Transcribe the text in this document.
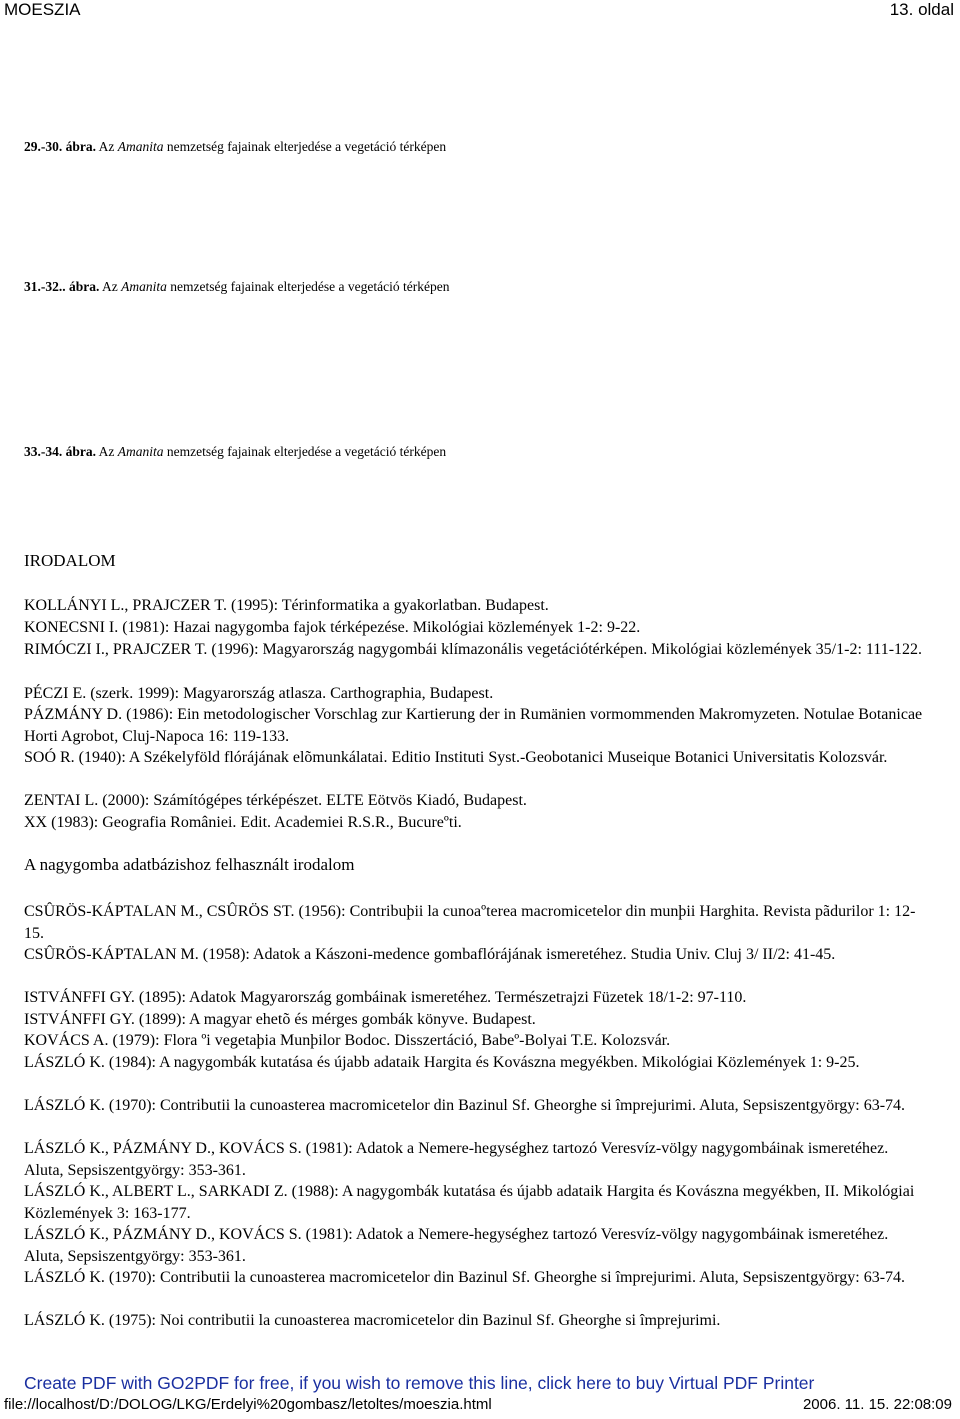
MOESZIA	13. oldal
29.-30. ábra. Az Amanita nemzetség fajainak elterjedése a vegetáció térképen
31.-32.. ábra. Az Amanita nemzetség fajainak elterjedése a vegetáció térképen
33.-34. ábra. Az Amanita nemzetség fajainak elterjedése a vegetáció térképen
IRODALOM
KOLLÁNYI L., PRAJCZER T. (1995): Térinformatika a gyakorlatban. Budapest.
KONECSNI I. (1981): Hazai nagygomba fajok térképezése. Mikológiai közlemények 1-2: 9-22.
RIMÓCZI I., PRAJCZER T. (1996): Magyarország nagygombái klímazonális vegetációtérképen. Mikológiai közlemények 35/1-2: 111-122.
PÉCZI E. (szerk. 1999): Magyarország atlasza. Carthographia, Budapest.
PÁZMÁNY D. (1986): Ein metodologischer Vorschlag zur Kartierung der in Rumänien vormommenden Makromyzeten. Notulae Botanicae Horti Agrobot, Cluj-Napoca 16: 119-133.
SOÓ R. (1940): A Székelyföld flórájának elõmunkálatai. Editio Instituti Syst.-Geobotanici Museique Botanici Universitatis Kolozsvár.
ZENTAI L. (2000): Számítógépes térképészet. ELTE Eötvös Kiadó, Budapest.
XX (1983): Geografia României. Edit. Academiei R.S.R., Bucureºti.
A nagygomba adatbázishoz felhasznált irodalom
CSÛRÖS-KÁPTALAN M., CSÛRÖS ST. (1956): Contribuþii la cunoaºterea macromicetelor din munþii Harghita. Revista pãdurilor 1: 12-15.
CSÛRÖS-KÁPTALAN M. (1958): Adatok a Kászoni-medence gombaflórájának ismeretéhez. Studia Univ. Cluj 3/ II/2: 41-45.
ISTVÁNFFI GY. (1895): Adatok Magyarország gombáinak ismeretéhez. Természetrajzi Füzetek 18/1-2: 97-110.
ISTVÁNFFI GY. (1899): A magyar ehetõ és mérges gombák könyve. Budapest.
KOVÁCS A. (1979): Flora ºi vegetaþia Munþilor Bodoc. Disszertáció, Babeº-Bolyai T.E. Kolozsvár.
LÁSZLÓ K. (1984): A nagygombák kutatása és újabb adataik Hargita és Kovászna megyékben. Mikológiai Közlemények 1: 9-25.
LÁSZLÓ K. (1970): Contributii la cunoasterea macromicetelor din Bazinul Sf. Gheorghe si împrejurimi. Aluta, Sepsiszentgyörgy: 63-74.
LÁSZLÓ K., PÁZMÁNY D., KOVÁCS S. (1981): Adatok a Nemere-hegységhez tartozó Veresvíz-völgy nagygombáinak ismeretéhez. Aluta, Sepsiszentgyörgy: 353-361.
LÁSZLÓ K., ALBERT L., SARKADI Z. (1988): A nagygombák kutatása és újabb adataik Hargita és Kovászna megyékben, II. Mikológiai Közlemények 3: 163-177.
LÁSZLÓ K., PÁZMÁNY D., KOVÁCS S. (1981): Adatok a Nemere-hegységhez tartozó Veresvíz-völgy nagygombáinak ismeretéhez. Aluta, Sepsiszentgyörgy: 353-361.
LÁSZLÓ K. (1970): Contributii la cunoasterea macromicetelor din Bazinul Sf. Gheorghe si împrejurimi. Aluta, Sepsiszentgyörgy: 63-74.
LÁSZLÓ K. (1975): Noi contributii la cunoasterea macromicetelor din Bazinul Sf. Gheorghe si împrejurimi.
Create PDF with GO2PDF for free, if you wish to remove this line, click here to buy Virtual PDF Printer
file://localhost/D:/DOLOG/LKG/Erdelyi%20gombasz/letoltes/moeszia.html	2006. 11. 15. 22:08:09
